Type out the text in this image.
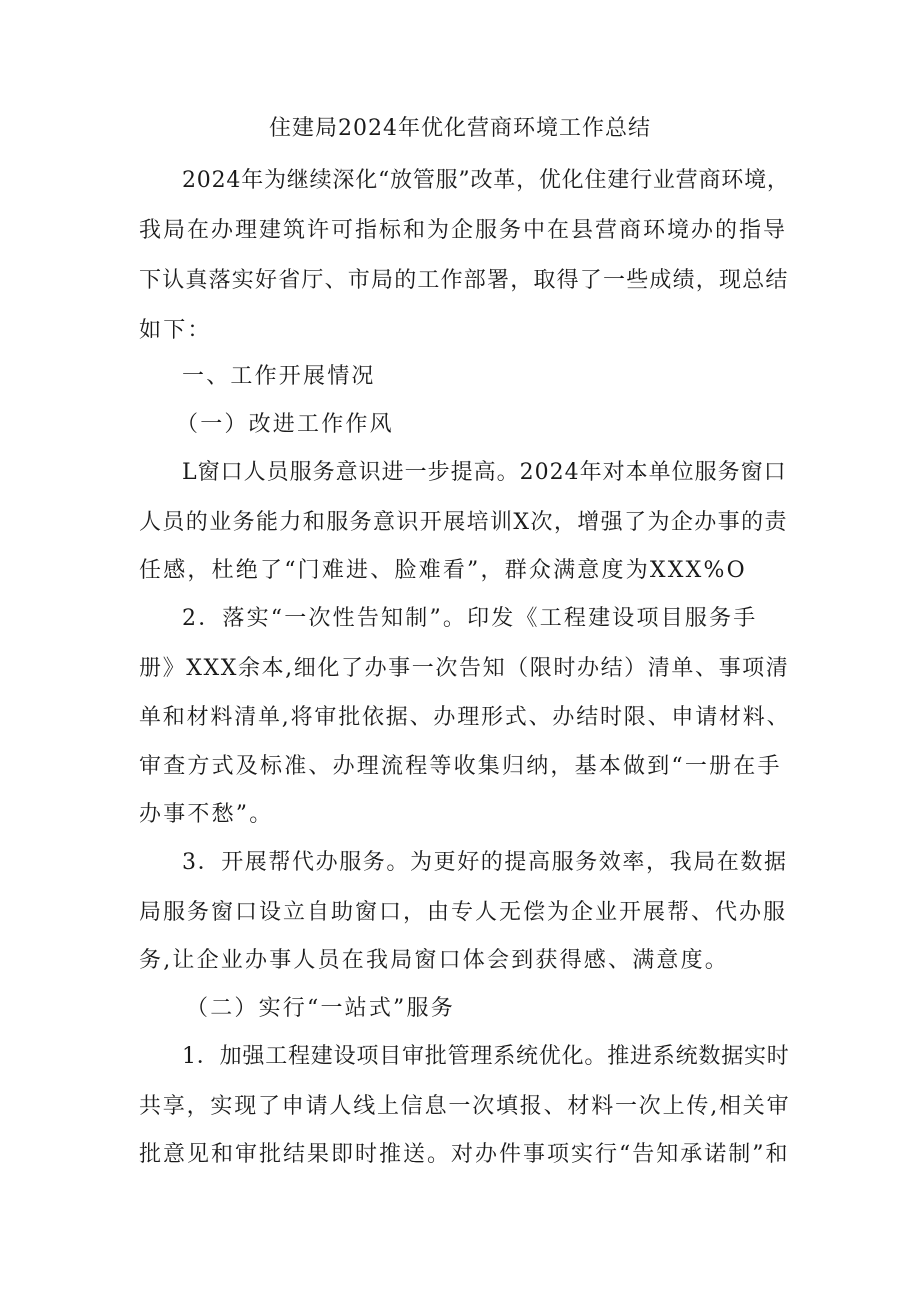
住建局2024年优化营商环境工作总结
2024年为继续深化“放管服”改革，优化住建行业营商环境，
我局在办理建筑许可指标和为企服务中在县营商环境办的指导
下认真落实好省厅、市局的工作部署，取得了一些成绩，现总结
如下：
一、工作开展情况
（一）改进工作作风
L窗口人员服务意识进一步提高。2024年对本单位服务窗口
人员的业务能力和服务意识开展培训X次，增强了为企办事的责
任感，杜绝了“门难进、脸难看”，群众满意度为XXX%O
2．落实“一次性告知制”。印发《工程建设项目服务手
册》XXX余本,细化了办事一次告知（限时办结）清单、事项清
单和材料清单,将审批依据、办理形式、办结时限、申请材料、
审查方式及标准、办理流程等收集归纳，基本做到“一册在手
办事不愁”。
3．开展帮代办服务。为更好的提高服务效率，我局在数据
局服务窗口设立自助窗口，由专人无偿为企业开展帮、代办服
务,让企业办事人员在我局窗口体会到获得感、满意度。
（二）实行“一站式”服务
1．加强工程建设项目审批管理系统优化。推进系统数据实时
共享，实现了申请人线上信息一次填报、材料一次上传,相关审
批意见和审批结果即时推送。对办件事项实行“告知承诺制”和
